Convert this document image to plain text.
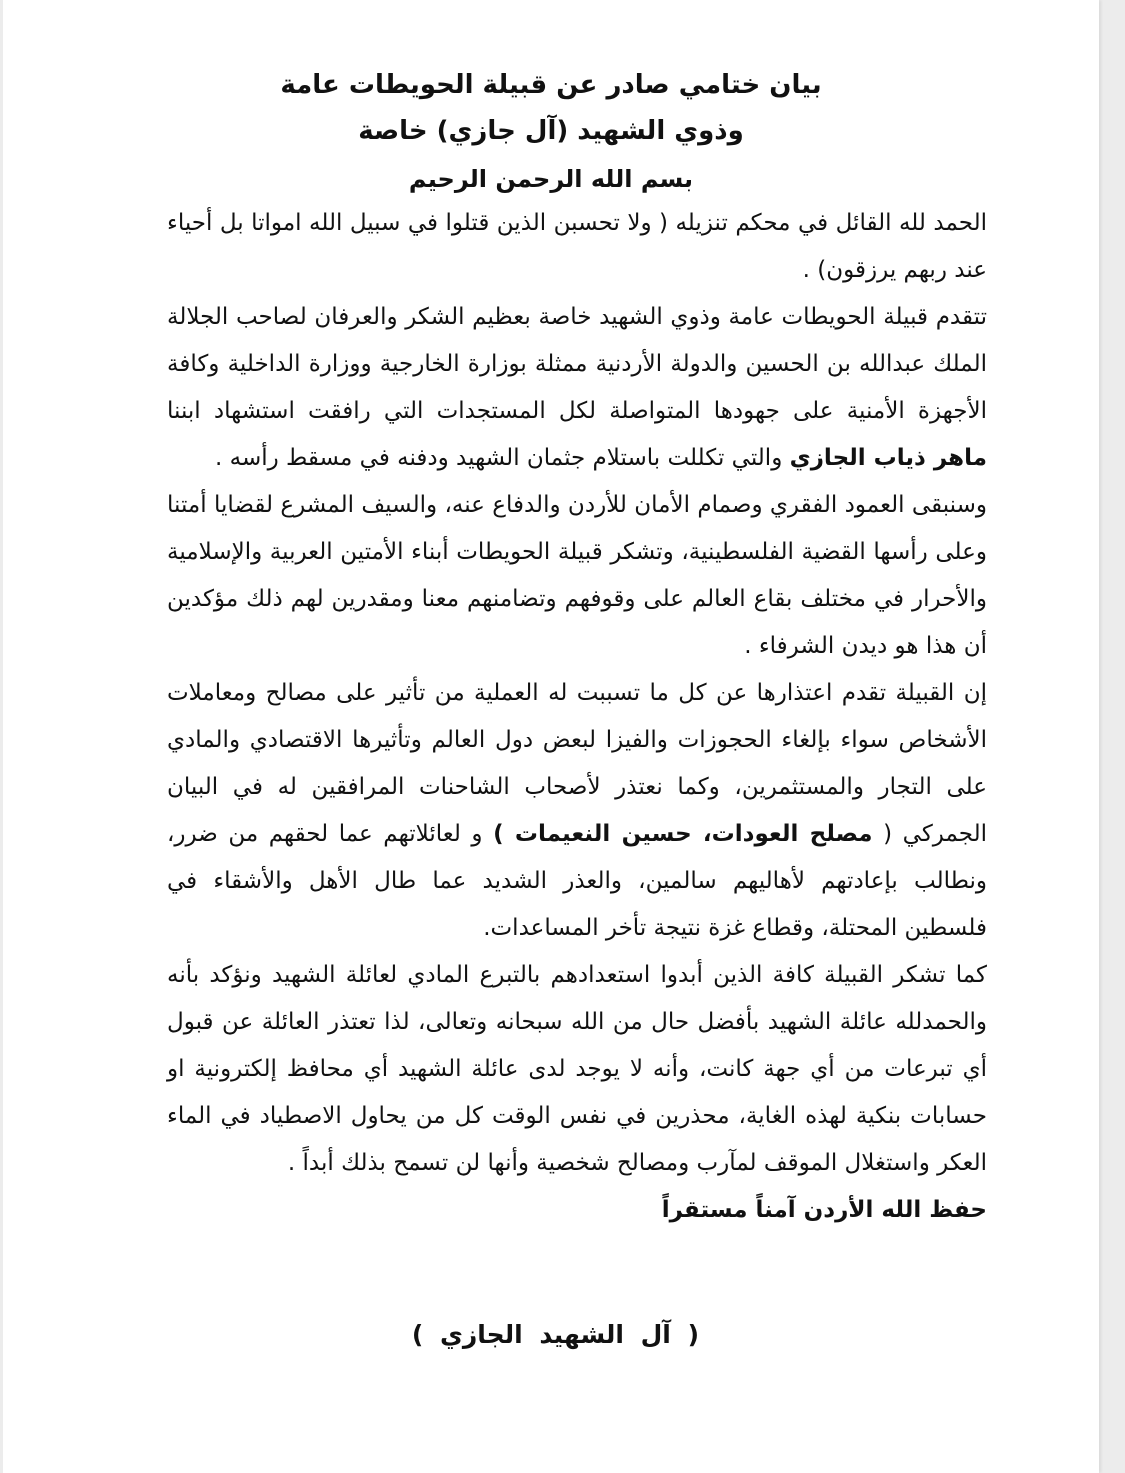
بيان ختامي صادر عن قبيلة الحويطات عامة
وذوي الشهيد (آل جازي) خاصة
بسم الله الرحمن الرحيم

الحمد لله القائل في محكم تنزيله ( ولا تحسبن الذين قتلوا في سبيل الله امواتا بل أحياء عند ربهم يرزقون) .

تتقدم قبيلة الحويطات عامة وذوي الشهيد خاصة بعظيم الشكر والعرفان لصاحب الجلالة الملك عبدالله بن الحسين والدولة الأردنية ممثلة بوزارة الخارجية ووزارة الداخلية وكافة الأجهزة الأمنية على جهودها المتواصلة لكل المستجدات التي رافقت استشهاد ابننا ماهر ذياب الجازي والتي تكللت باستلام جثمان الشهيد ودفنه في مسقط رأسه .

وسنبقى العمود الفقري وصمام الأمان للأردن والدفاع عنه، والسيف المشرع لقضايا أمتنا وعلى رأسها القضية الفلسطينية، وتشكر قبيلة الحويطات أبناء الأمتين العربية والإسلامية والأحرار في مختلف بقاع العالم على وقوفهم وتضامنهم معنا ومقدرين لهم ذلك مؤكدين أن هذا هو ديدن الشرفاء .

إن القبيلة تقدم اعتذارها عن كل ما تسببت له العملية من تأثير على مصالح ومعاملات الأشخاص سواء بإلغاء الحجوزات والفيزا لبعض دول العالم وتأثيرها الاقتصادي والمادي على التجار والمستثمرين، وكما نعتذر لأصحاب الشاحنات المرافقين له في البيان الجمركي ( مصلح العودات، حسين النعيمات ) و لعائلاتهم عما لحقهم من ضرر، ونطالب بإعادتهم لأهاليهم سالمين، والعذر الشديد عما طال الأهل والأشقاء في فلسطين المحتلة، وقطاع غزة نتيجة تأخر المساعدات.

كما تشكر القبيلة كافة الذين أبدوا استعدادهم بالتبرع المادي لعائلة الشهيد ونؤكد بأنه والحمدلله عائلة الشهيد بأفضل حال من الله سبحانه وتعالى، لذا تعتذر العائلة عن قبول أي تبرعات من أي جهة كانت، وأنه لا يوجد لدى عائلة الشهيد أي محافظ إلكترونية او حسابات بنكية لهذه الغاية، محذرين في نفس الوقت كل من يحاول الاصطياد في الماء العكر واستغلال الموقف لمآرب ومصالح شخصية وأنها لن تسمح بذلك أبداً .

حفظ الله الأردن آمناً مستقراً

( آل الشهيد الجازي )
